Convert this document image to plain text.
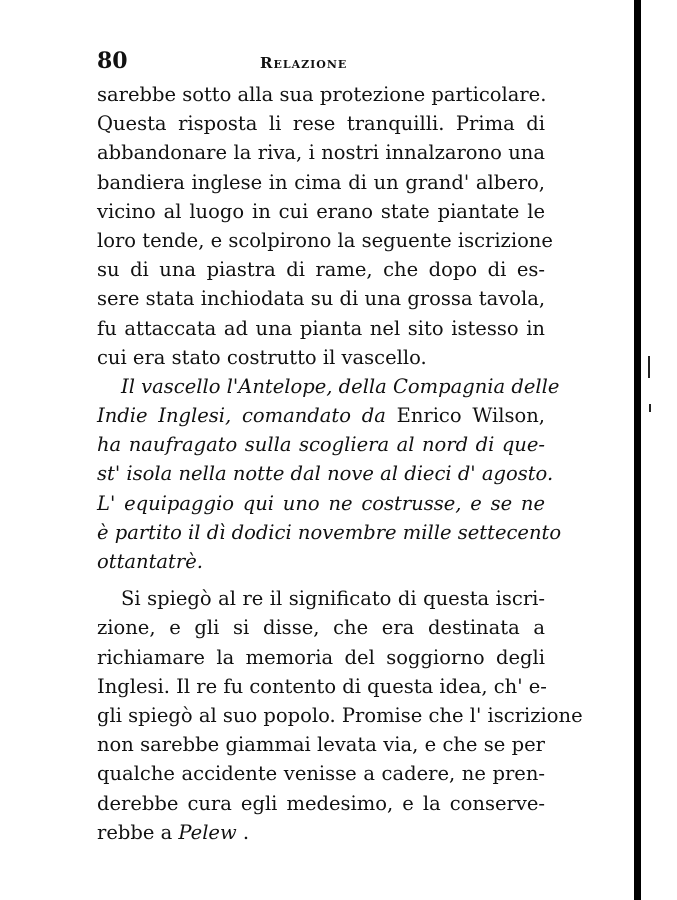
80	Relazione
sarebbe sotto alla sua protezione particolare.
Questa risposta li rese tranquilli. Prima di
abbandonare la riva, i nostri innalzarono una
bandiera inglese in cima di un grand' albero,
vicino al luogo in cui erano state piantate le
loro tende, e scolpirono la seguente iscrizione
su di una piastra di rame, che dopo di es-
sere stata inchiodata su di una grossa tavola,
fu attaccata ad una pianta nel sito istesso in
cui era stato costrutto il vascello.
Il vascello l'Antelope, della Compagnia delle
Indie Inglesi, comandato da Enrico Wilson,
ha naufragato sulla scogliera al nord di que-
st' isola nella notte dal nove al dieci d' agosto.
L' equipaggio qui uno ne costrusse, e se ne
è partito il dì dodici novembre mille settecento
ottantatrè.
Si spiegò al re il significato di questa iscri-
zione, e gli si disse, che era destinata a
richiamare la memoria del soggiorno degli
Inglesi. Il re fu contento di questa idea, ch' e-
gli spiegò al suo popolo. Promise che l' iscrizione
non sarebbe giammai levata via, e che se per
qualche accidente venisse a cadere, ne pren-
derebbe cura egli medesimo, e la conserve-
rebbe a Pelew .
